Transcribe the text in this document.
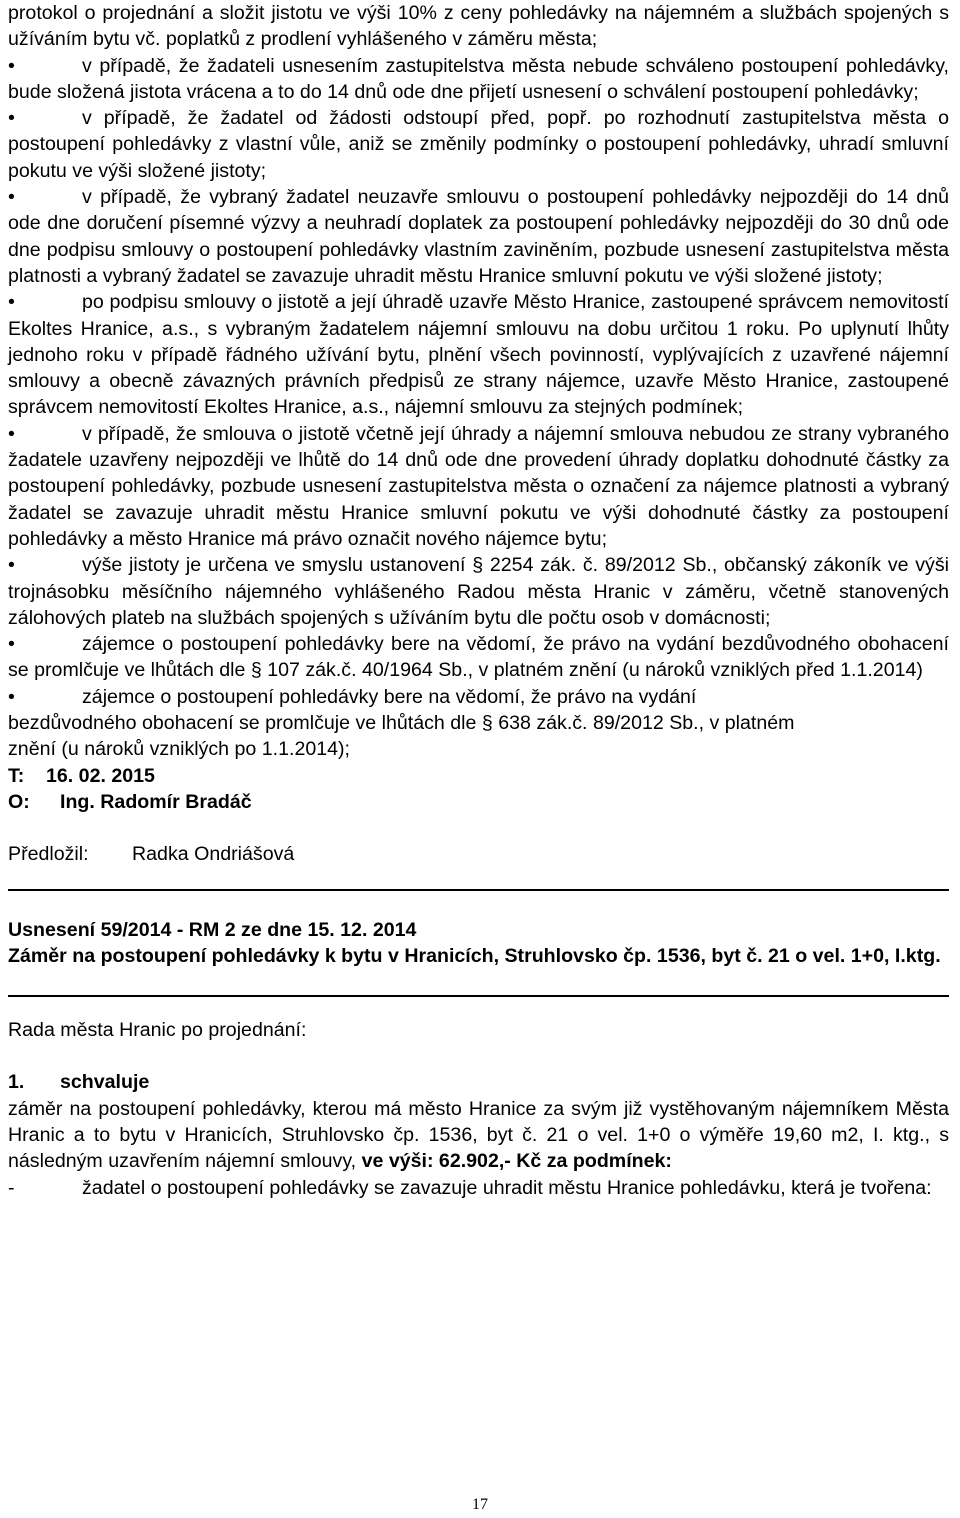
protokol o projednání a složit jistotu ve výši 10% z ceny pohledávky na nájemném a službách spojených s užíváním bytu vč. poplatků z prodlení vyhlášeného v záměru města;

•	v případě, že žadateli usnesením zastupitelstva města nebude schváleno postoupení pohledávky, bude složená jistota vrácena a to do 14 dnů ode dne přijetí usnesení o schválení postoupení pohledávky;

•	v případě, že žadatel od žádosti odstoupí před, popř. po rozhodnutí zastupitelstva města o postoupení pohledávky z vlastní vůle, aniž se změnily podmínky o postoupení pohledávky, uhradí smluvní pokutu ve výši složené jistoty;

•	v případě, že vybraný žadatel neuzavře smlouvu o postoupení pohledávky nejpozději do 14 dnů ode dne doručení písemné výzvy a neuhradí doplatek za postoupení pohledávky nejpozději do 30 dnů ode dne podpisu smlouvy o postoupení pohledávky vlastním zaviněním, pozbude usnesení zastupitelstva města platnosti a vybraný žadatel se zavazuje uhradit městu Hranice smluvní pokutu ve výši složené jistoty;

•	po podpisu smlouvy o jistotě a její úhradě uzavře Město Hranice, zastoupené správcem nemovitostí Ekoltes Hranice, a.s., s vybraným žadatelem nájemní smlouvu na dobu určitou 1 roku. Po uplynutí lhůty jednoho roku v případě řádného užívání bytu, plnění všech povinností, vyplývajících z uzavřené nájemní smlouvy a obecně závazných právních předpisů ze strany nájemce, uzavře Město Hranice, zastoupené správcem nemovitostí Ekoltes Hranice, a.s., nájemní smlouvu za stejných podmínek;

•	v případě, že smlouva o jistotě včetně její úhrady a nájemní smlouva nebudou ze strany vybraného žadatele uzavřeny nejpozději ve lhůtě do 14 dnů ode dne provedení úhrady doplatku dohodnuté částky za postoupení pohledávky, pozbude usnesení zastupitelstva města o označení za nájemce platnosti a vybraný žadatel se zavazuje uhradit městu Hranice smluvní pokutu ve výši dohodnuté částky za postoupení pohledávky a město Hranice má právo označit nového nájemce bytu;

•	výše jistoty je určena ve smyslu ustanovení § 2254 zák. č. 89/2012 Sb., občanský zákoník ve výši trojnásobku měsíčního nájemného vyhlášeného Radou města Hranic v záměru, včetně stanovených zálohových plateb na službách spojených s užíváním bytu dle počtu osob v domácnosti;

•	zájemce o postoupení pohledávky bere na vědomí, že právo na vydání bezdůvodného obohacení se promlčuje ve lhůtách dle § 107 zák.č. 40/1964 Sb., v platném znění (u nároků vzniklých před 1.1.2014)

•	zájemce o postoupení pohledávky bere na vědomí, že právo na vydání

bezdůvodného obohacení se promlčuje ve lhůtách dle § 638 zák.č. 89/2012 Sb., v platném

znění (u nároků vzniklých po 1.1.2014);

T: 16. 02. 2015

O: Ing. Radomír Bradáč

Předložil: Radka Ondriášová

Usnesení 59/2014 - RM 2 ze dne 15. 12. 2014

Záměr na postoupení pohledávky k bytu v Hranicích, Struhlovsko čp. 1536, byt č. 21 o vel. 1+0, I.ktg.

Rada města Hranic po projednání:

1. schvaluje

záměr na postoupení pohledávky, kterou má město Hranice za svým již vystěhovaným nájemníkem Města Hranic a to bytu v Hranicích, Struhlovsko čp. 1536, byt č. 21 o vel. 1+0 o výměře 19,60 m2, I. ktg., s následným uzavřením nájemní smlouvy, ve výši: 62.902,- Kč za podmínek:

-	žadatel o postoupení pohledávky se zavazuje uhradit městu Hranice pohledávku, která je tvořena:

17
